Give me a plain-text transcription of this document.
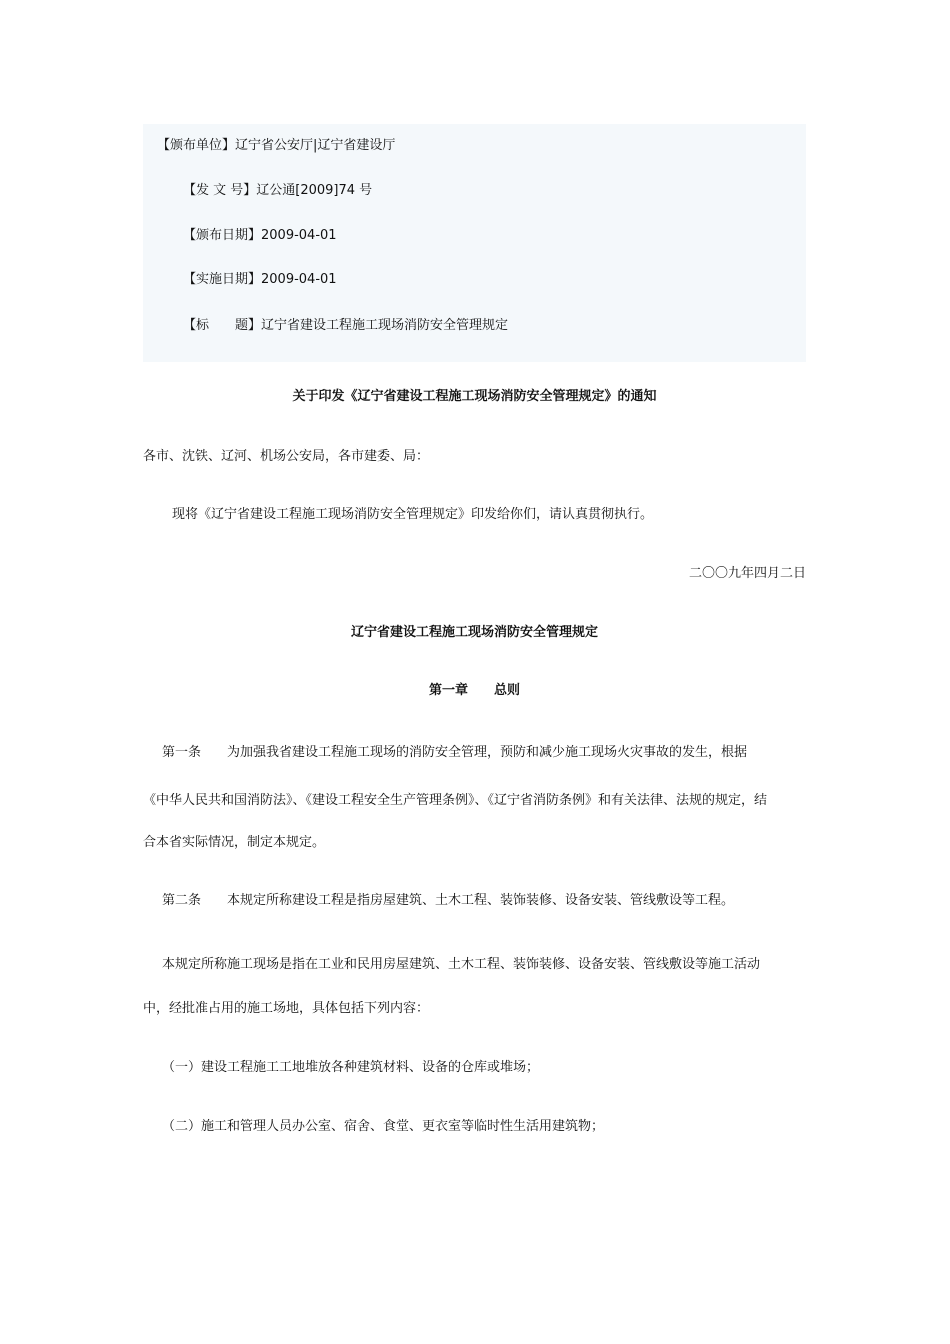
【颁布单位】辽宁省公安厅|辽宁省建设厅
【发 文 号】辽公通[2009]74 号
【颁布日期】2009-04-01
【实施日期】2009-04-01
【标　　题】辽宁省建设工程施工现场消防安全管理规定
关于印发《辽宁省建设工程施工现场消防安全管理规定》的通知
各市、沈铁、辽河、机场公安局，各市建委、局：
现将《辽宁省建设工程施工现场消防安全管理规定》印发给你们，请认真贯彻执行。
二〇〇九年四月二日
辽宁省建设工程施工现场消防安全管理规定
第一章　　总则
第一条　　为加强我省建设工程施工现场的消防安全管理，预防和减少施工现场火灾事故的发生，根据
《中华人民共和国消防法》、《建设工程安全生产管理条例》、《辽宁省消防条例》和有关法律、法规的规定，结
合本省实际情况，制定本规定。
第二条　　本规定所称建设工程是指房屋建筑、土木工程、装饰装修、设备安装、管线敷设等工程。
本规定所称施工现场是指在工业和民用房屋建筑、土木工程、装饰装修、设备安装、管线敷设等施工活动
中，经批准占用的施工场地，具体包括下列内容：
（一）建设工程施工工地堆放各种建筑材料、设备的仓库或堆场；
（二）施工和管理人员办公室、宿舍、食堂、更衣室等临时性生活用建筑物；
